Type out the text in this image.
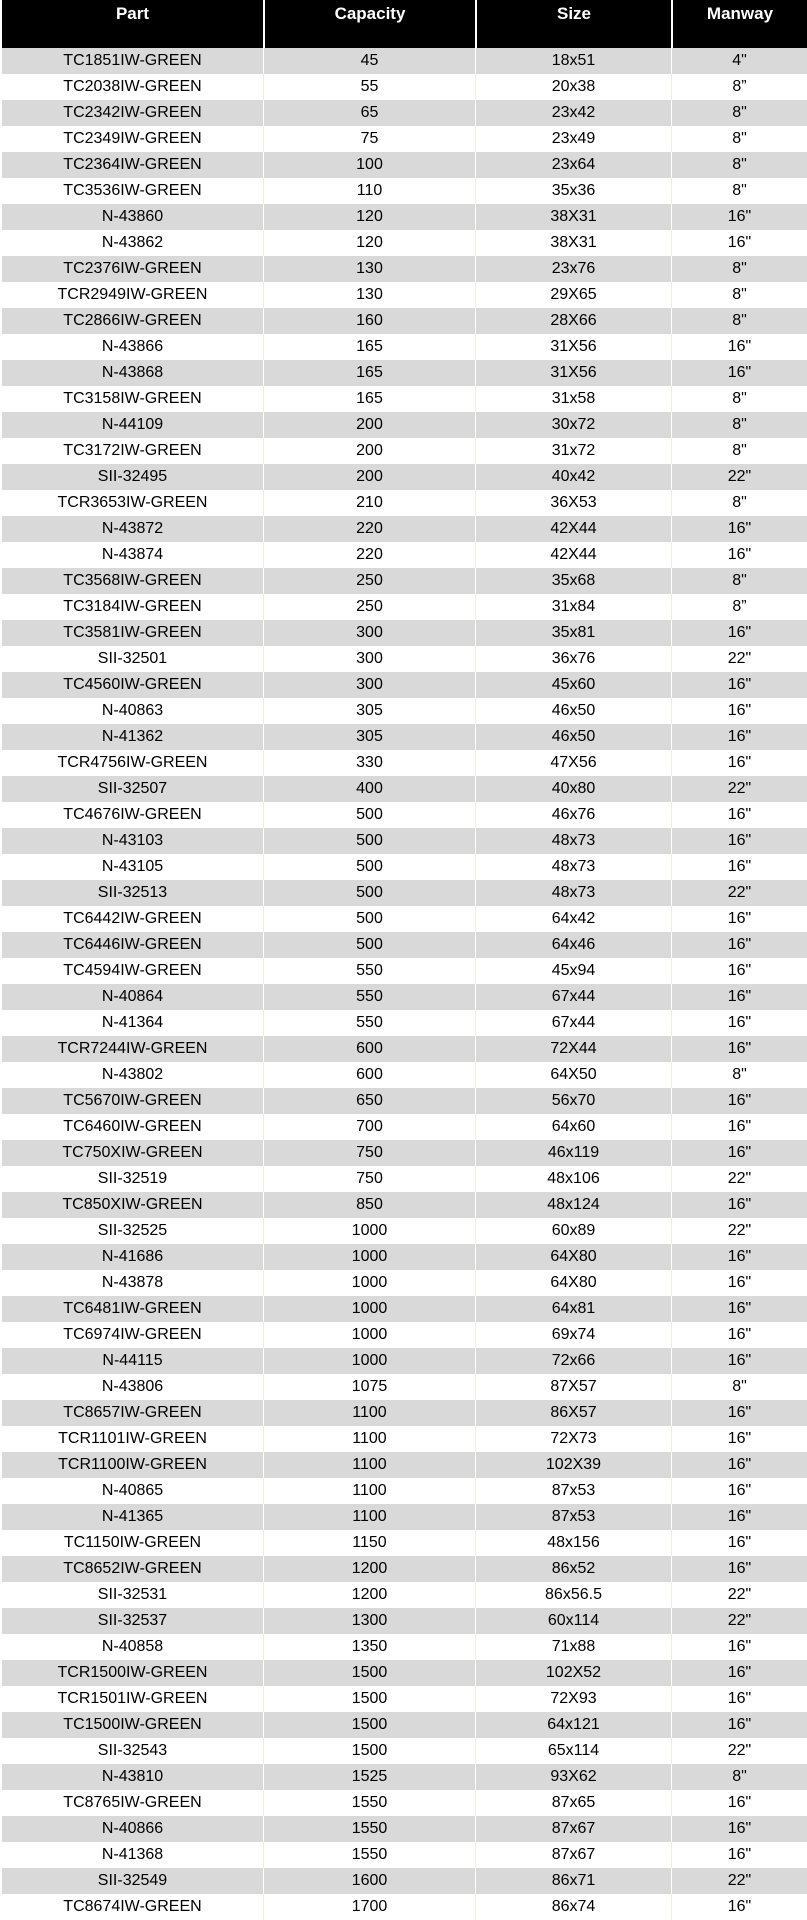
Part	Capacity	Size	Manway
TC1851IW-GREEN	45	18x51	4"
TC2038IW-GREEN	55	20x38	8”
TC2342IW-GREEN	65	23x42	8"
TC2349IW-GREEN	75	23x49	8"
TC2364IW-GREEN	100	23x64	8"
TC3536IW-GREEN	110	35x36	8"
N-43860	120	38X31	16"
N-43862	120	38X31	16"
TC2376IW-GREEN	130	23x76	8"
TCR2949IW-GREEN	130	29X65	8"
TC2866IW-GREEN	160	28X66	8"
N-43866	165	31X56	16"
N-43868	165	31X56	16"
TC3158IW-GREEN	165	31x58	8"
N-44109	200	30x72	8"
TC3172IW-GREEN	200	31x72	8"
SII-32495	200	40x42	22"
TCR3653IW-GREEN	210	36X53	8"
N-43872	220	42X44	16"
N-43874	220	42X44	16"
TC3568IW-GREEN	250	35x68	8"
TC3184IW-GREEN	250	31x84	8”
TC3581IW-GREEN	300	35x81	16"
SII-32501	300	36x76	22"
TC4560IW-GREEN	300	45x60	16"
N-40863	305	46x50	16"
N-41362	305	46x50	16"
TCR4756IW-GREEN	330	47X56	16"
SII-32507	400	40x80	22"
TC4676IW-GREEN	500	46x76	16"
N-43103	500	48x73	16"
N-43105	500	48x73	16"
SII-32513	500	48x73	22"
TC6442IW-GREEN	500	64x42	16"
TC6446IW-GREEN	500	64x46	16"
TC4594IW-GREEN	550	45x94	16"
N-40864	550	67x44	16"
N-41364	550	67x44	16"
TCR7244IW-GREEN	600	72X44	16"
N-43802	600	64X50	8"
TC5670IW-GREEN	650	56x70	16"
TC6460IW-GREEN	700	64x60	16"
TC750XIW-GREEN	750	46x119	16"
SII-32519	750	48x106	22"
TC850XIW-GREEN	850	48x124	16"
SII-32525	1000	60x89	22"
N-41686	1000	64X80	16"
N-43878	1000	64X80	16"
TC6481IW-GREEN	1000	64x81	16"
TC6974IW-GREEN	1000	69x74	16"
N-44115	1000	72x66	16"
N-43806	1075	87X57	8"
TC8657IW-GREEN	1100	86X57	16"
TCR1101IW-GREEN	1100	72X73	16"
TCR1100IW-GREEN	1100	102X39	16"
N-40865	1100	87x53	16"
N-41365	1100	87x53	16"
TC1150IW-GREEN	1150	48x156	16"
TC8652IW-GREEN	1200	86x52	16"
SII-32531	1200	86x56.5	22"
SII-32537	1300	60x114	22"
N-40858	1350	71x88	16"
TCR1500IW-GREEN	1500	102X52	16"
TCR1501IW-GREEN	1500	72X93	16"
TC1500IW-GREEN	1500	64x121	16"
SII-32543	1500	65x114	22"
N-43810	1525	93X62	8"
TC8765IW-GREEN	1550	87x65	16"
N-40866	1550	87x67	16"
N-41368	1550	87x67	16"
SII-32549	1600	86x71	22"
TC8674IW-GREEN	1700	86x74	16"
